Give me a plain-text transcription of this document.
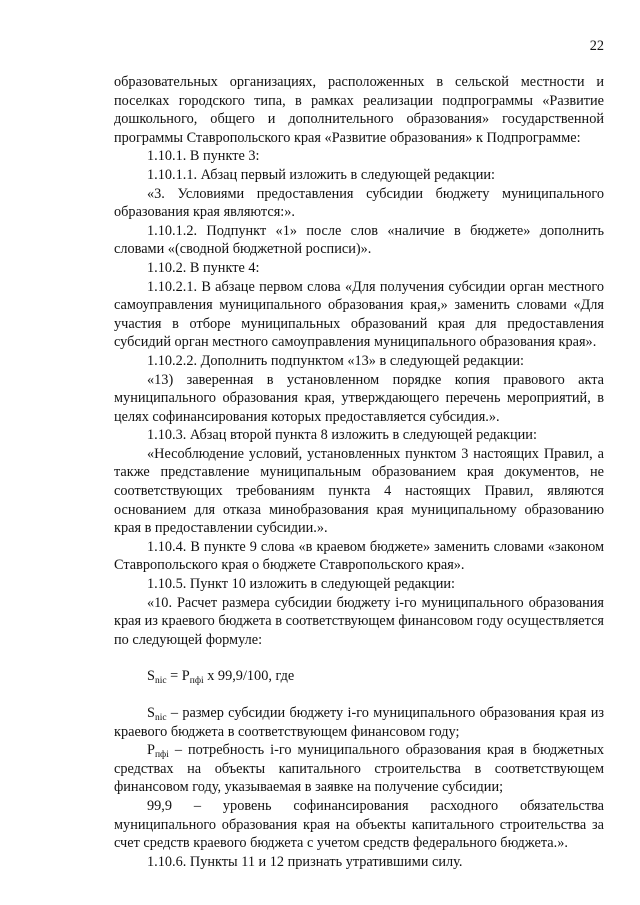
22

образовательных организациях, расположенных в сельской местности и поселках городского типа, в рамках реализации подпрограммы «Развитие дошкольного, общего и дополнительного образования» государственной программы Ставропольского края «Развитие образования» к Подпрограмме:

1.10.1. В пункте 3:

1.10.1.1. Абзац первый изложить в следующей редакции:

«3. Условиями предоставления субсидии бюджету муниципального образования края являются:».

1.10.1.2. Подпункт «1» после слов «наличие в бюджете» дополнить словами «(сводной бюджетной росписи)».

1.10.2. В пункте 4:

1.10.2.1. В абзаце первом слова «Для получения субсидии орган местного самоуправления муниципального образования края,» заменить словами «Для участия в отборе муниципальных образований края для предоставления субсидий орган местного самоуправления муниципального образования края».

1.10.2.2. Дополнить подпунктом «13» в следующей редакции:

«13) заверенная в установленном порядке копия правового акта муниципального образования края, утверждающего перечень мероприятий, в целях софинансирования которых предоставляется субсидия.».

1.10.3. Абзац второй пункта 8 изложить в следующей редакции:

«Несоблюдение условий, установленных пунктом 3 настоящих Правил, а также представление муниципальным образованием края документов, не соответствующих требованиям пункта 4 настоящих Правил, являются основанием для отказа минобразования края муниципальному образованию края в предоставлении субсидии.».

1.10.4. В пункте 9 слова «в краевом бюджете» заменить словами «законом Ставропольского края о бюджете Ставропольского края».

1.10.5. Пункт 10 изложить в следующей редакции:

«10. Расчет размера субсидии бюджету i-го муниципального образования края из краевого бюджета в соответствующем финансовом году осуществляется по следующей формуле:

$S_{nic} = P_{пфi}$ x 99,9/100, где

$S_{nic}$ – размер субсидии бюджету i-го муниципального образования края из краевого бюджета в соответствующем финансовом году;

$P_{пфi}$ – потребность i-го муниципального образования края в бюджетных средствах на объекты капитального строительства в соответствующем финансовом году, указываемая в заявке на получение субсидии;

99,9 – уровень софинансирования расходного обязательства муниципального образования края на объекты капитального строительства за счет средств краевого бюджета с учетом средств федерального бюджета.».

1.10.6. Пункты 11 и 12 признать утратившими силу.
